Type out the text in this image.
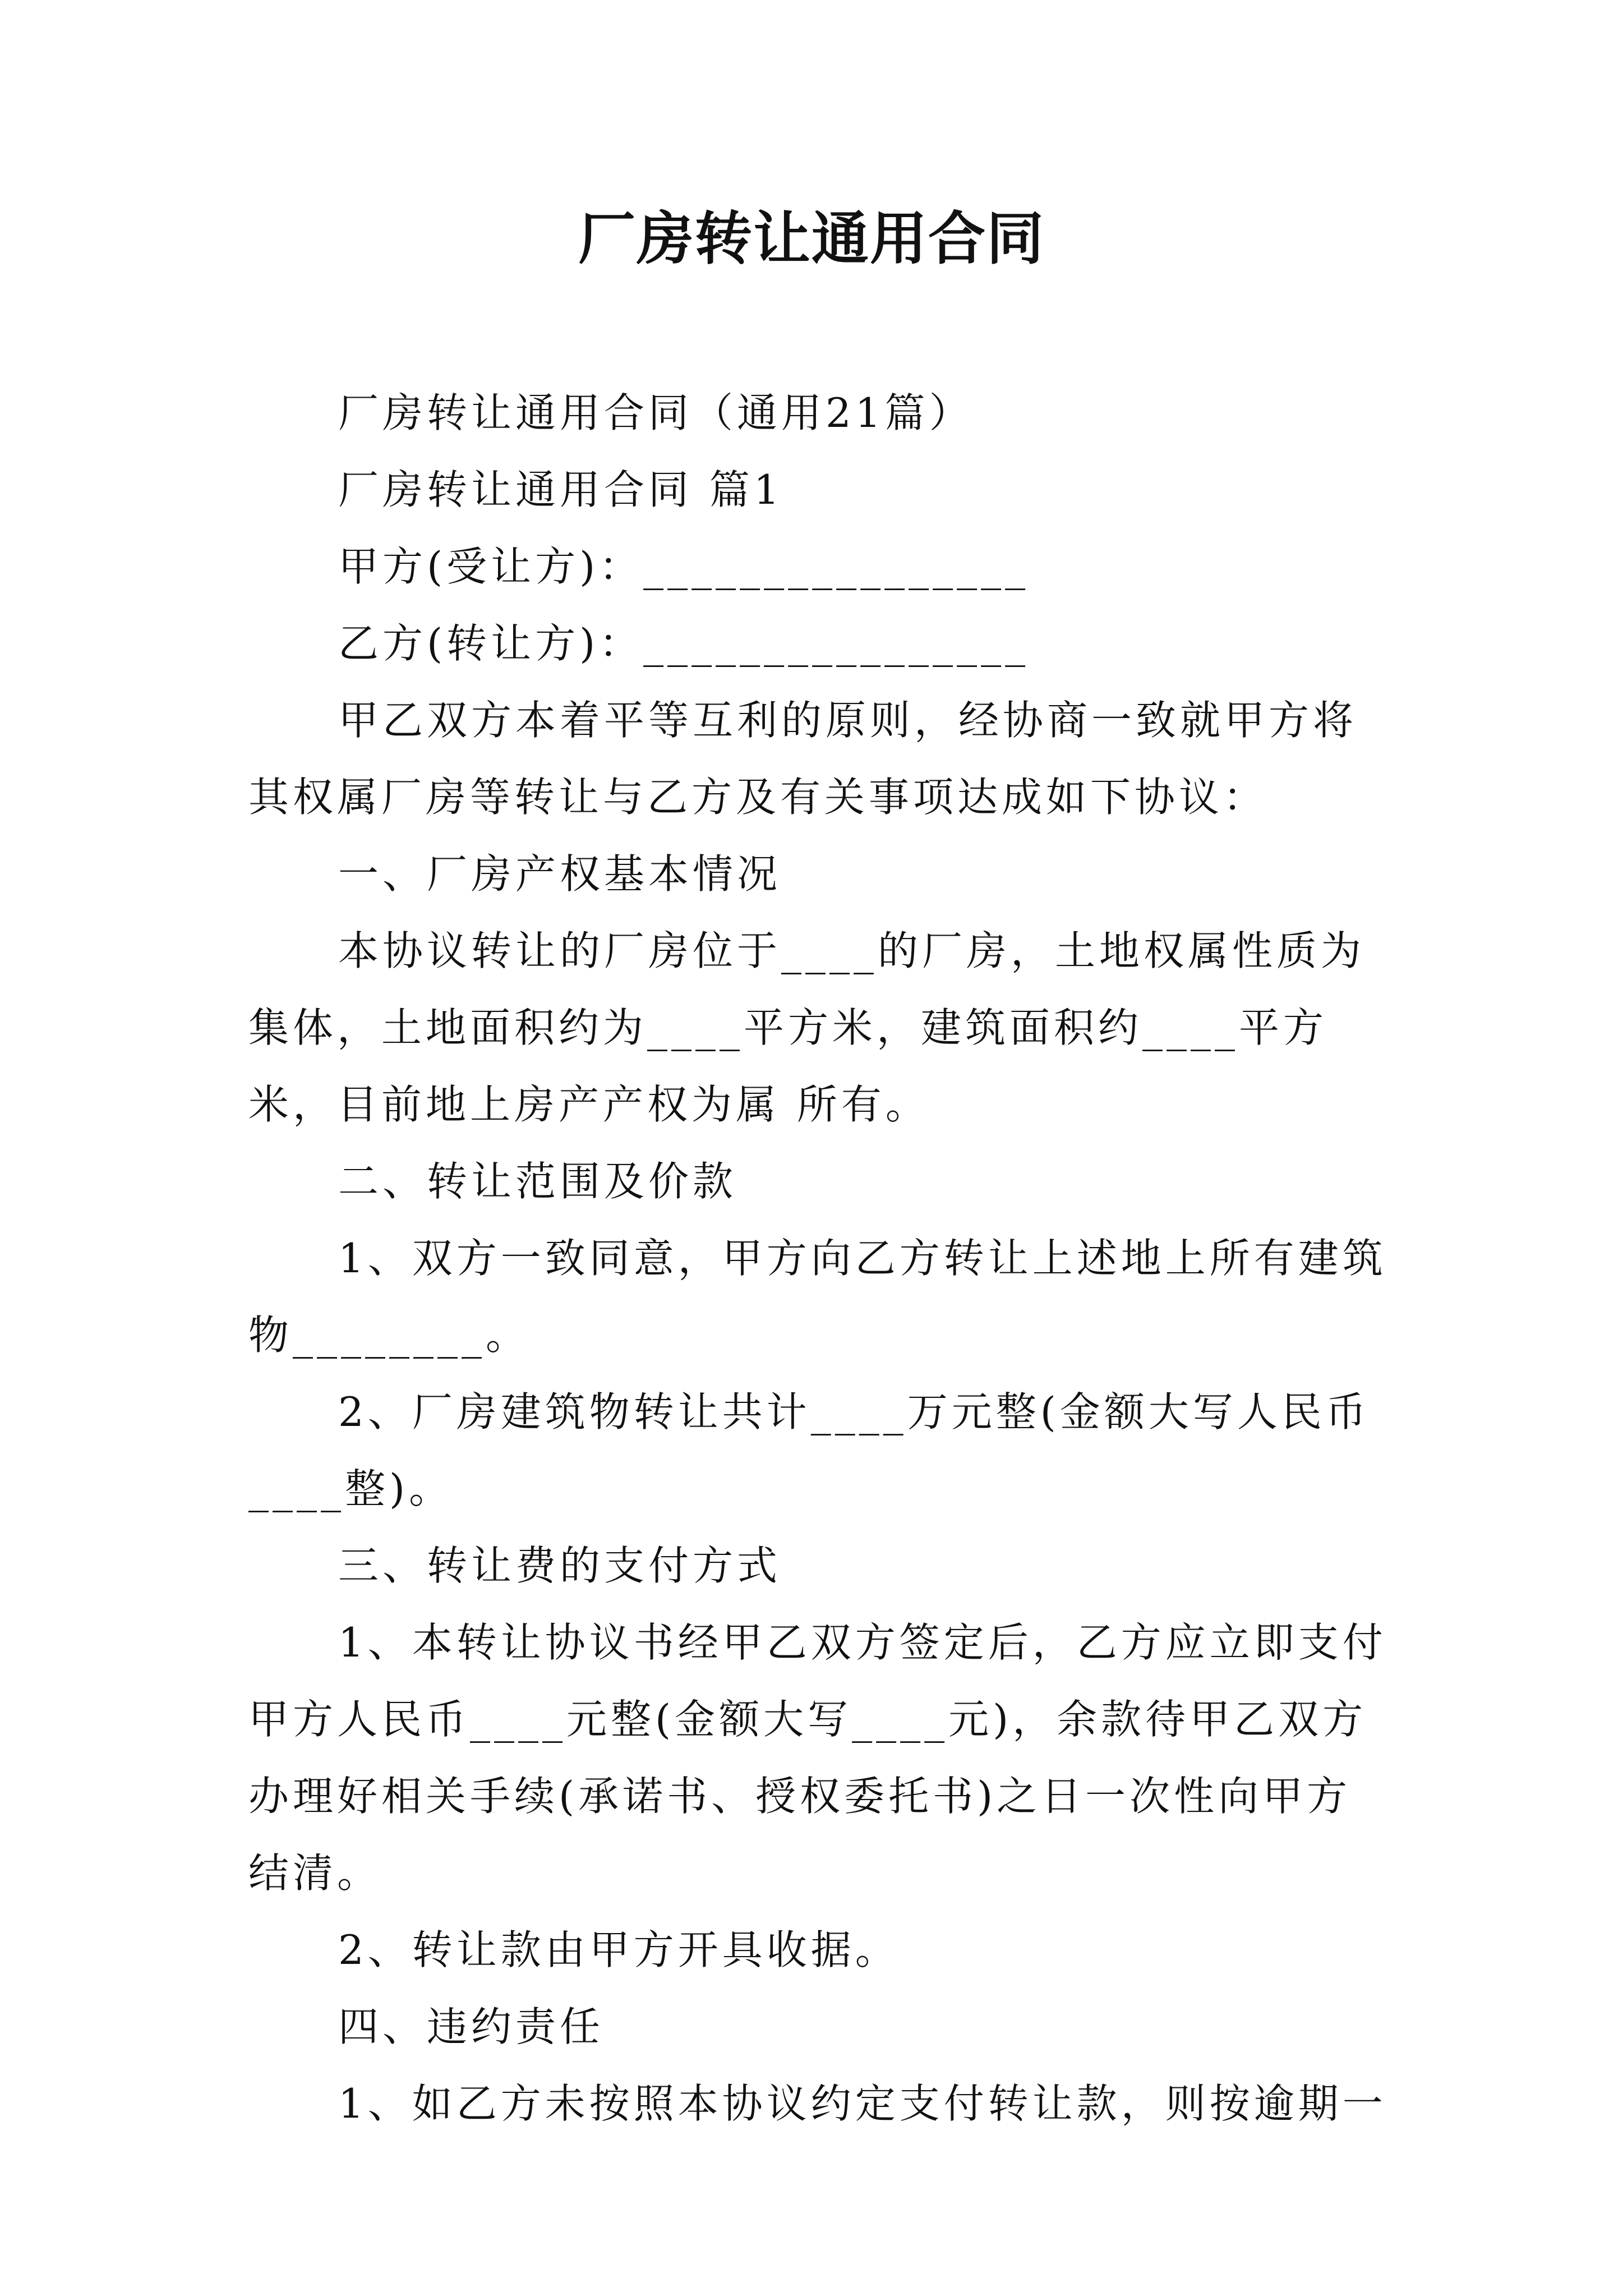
厂房转让通用合同

厂房转让通用合同（通用21篇）

厂房转让通用合同 篇1

甲方(受让方)：________________

乙方(转让方)：________________

甲乙双方本着平等互利的原则，经协商一致就甲方将其权属厂房等转让与乙方及有关事项达成如下协议：

一、厂房产权基本情况

本协议转让的厂房位于____的厂房，土地权属性质为集体，土地面积约为____平方米，建筑面积约____平方米，目前地上房产产权为属 所有。

二、转让范围及价款

1、双方一致同意，甲方向乙方转让上述地上所有建筑物________。

2、厂房建筑物转让共计____万元整(金额大写人民币____整)。

三、转让费的支付方式

1、本转让协议书经甲乙双方签定后，乙方应立即支付甲方人民币____元整(金额大写____元)，余款待甲乙双方办理好相关手续(承诺书、授权委托书)之日一次性向甲方结清。

2、转让款由甲方开具收据。

四、违约责任

1、如乙方未按照本协议约定支付转让款，则按逾期一
